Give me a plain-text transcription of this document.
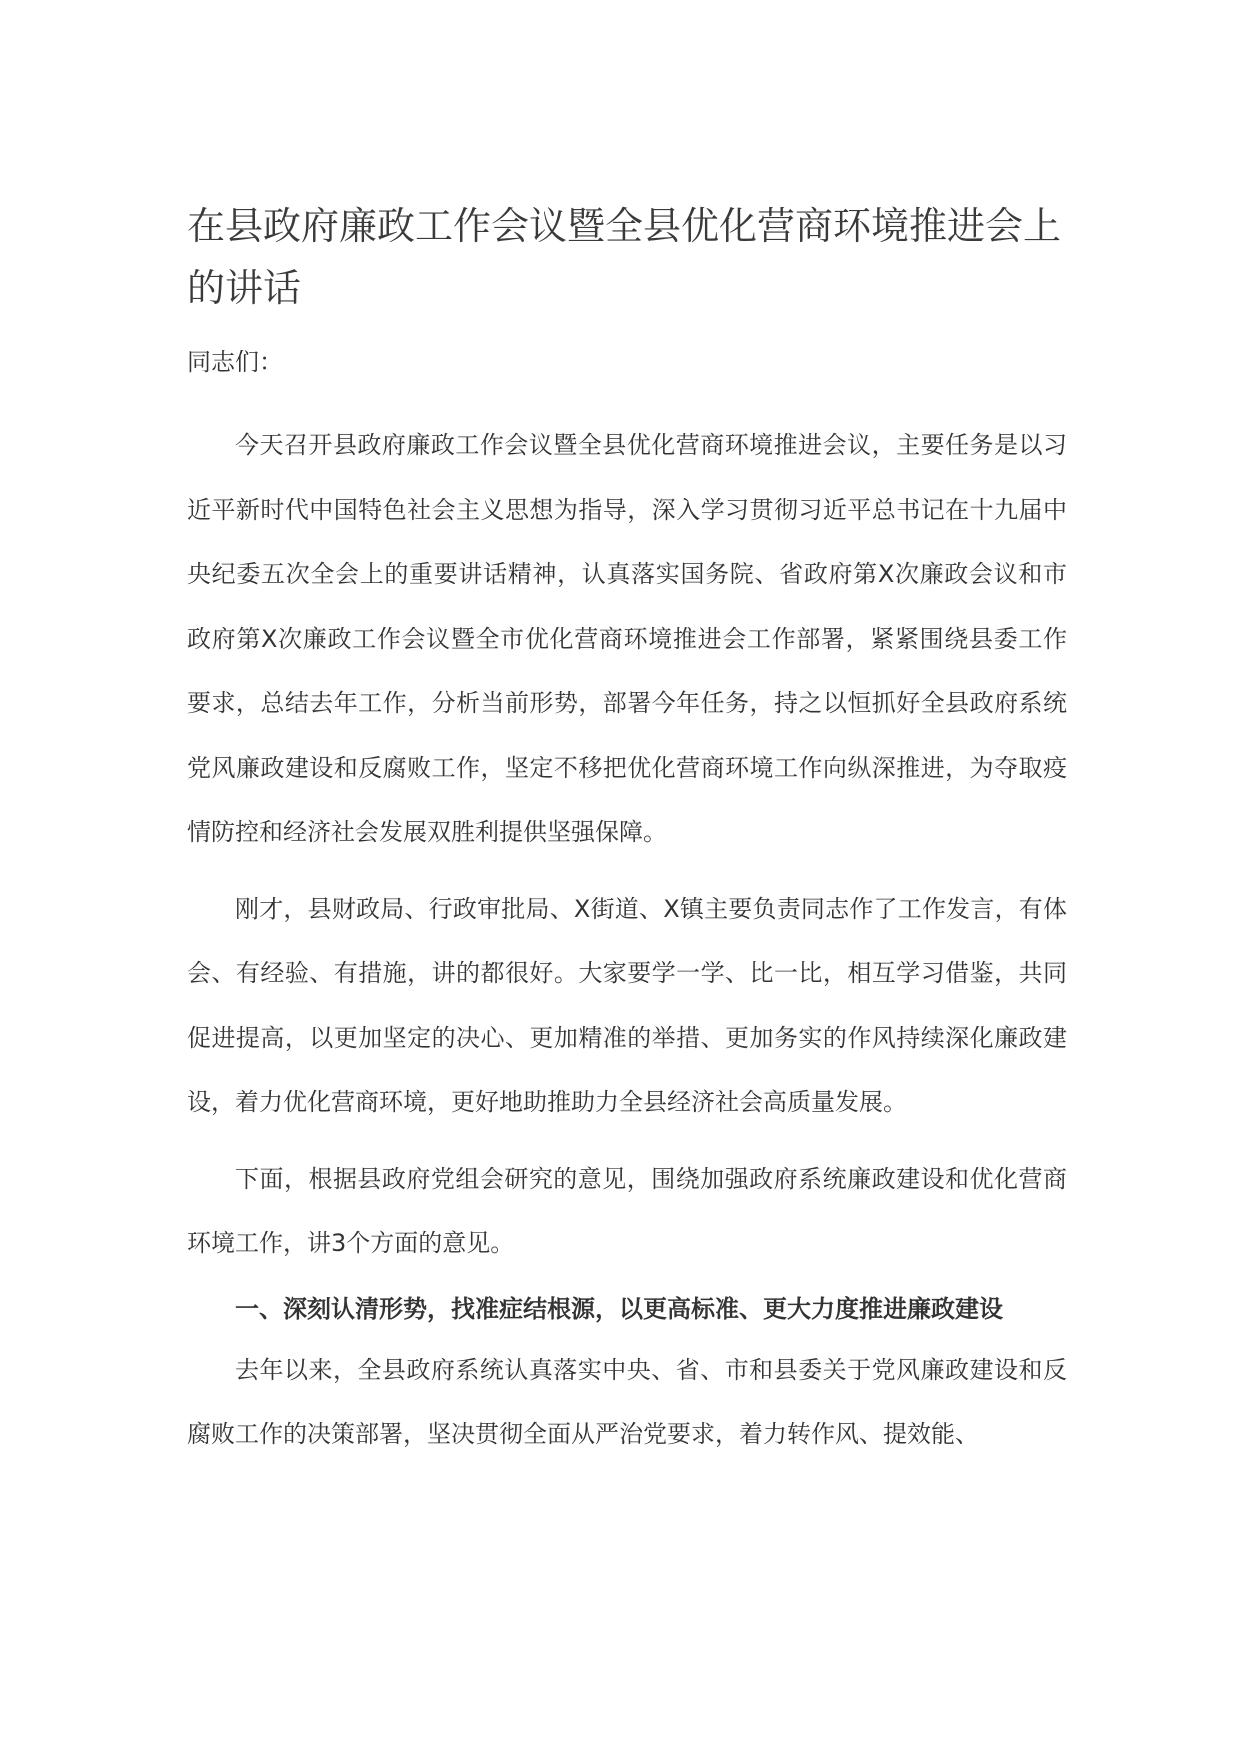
在县政府廉政工作会议暨全县优化营商环境推进会上的讲话

同志们：

今天召开县政府廉政工作会议暨全县优化营商环境推进会议，主要任务是以习近平新时代中国特色社会主义思想为指导，深入学习贯彻习近平总书记在十九届中央纪委五次全会上的重要讲话精神，认真落实国务院、省政府第X次廉政会议和市政府第X次廉政工作会议暨全市优化营商环境推进会工作部署，紧紧围绕县委工作要求，总结去年工作，分析当前形势，部署今年任务，持之以恒抓好全县政府系统党风廉政建设和反腐败工作，坚定不移把优化营商环境工作向纵深推进，为夺取疫情防控和经济社会发展双胜利提供坚强保障。

刚才，县财政局、行政审批局、X街道、X镇主要负责同志作了工作发言，有体会、有经验、有措施，讲的都很好。大家要学一学、比一比，相互学习借鉴，共同促进提高，以更加坚定的决心、更加精准的举措、更加务实的作风持续深化廉政建设，着力优化营商环境，更好地助推助力全县经济社会高质量发展。

下面，根据县政府党组会研究的意见，围绕加强政府系统廉政建设和优化营商环境工作，讲3个方面的意见。

一、深刻认清形势，找准症结根源，以更高标准、更大力度推进廉政建设

去年以来，全县政府系统认真落实中央、省、市和县委关于党风廉政建设和反腐败工作的决策部署，坚决贯彻全面从严治党要求，着力转作风、提效能、
